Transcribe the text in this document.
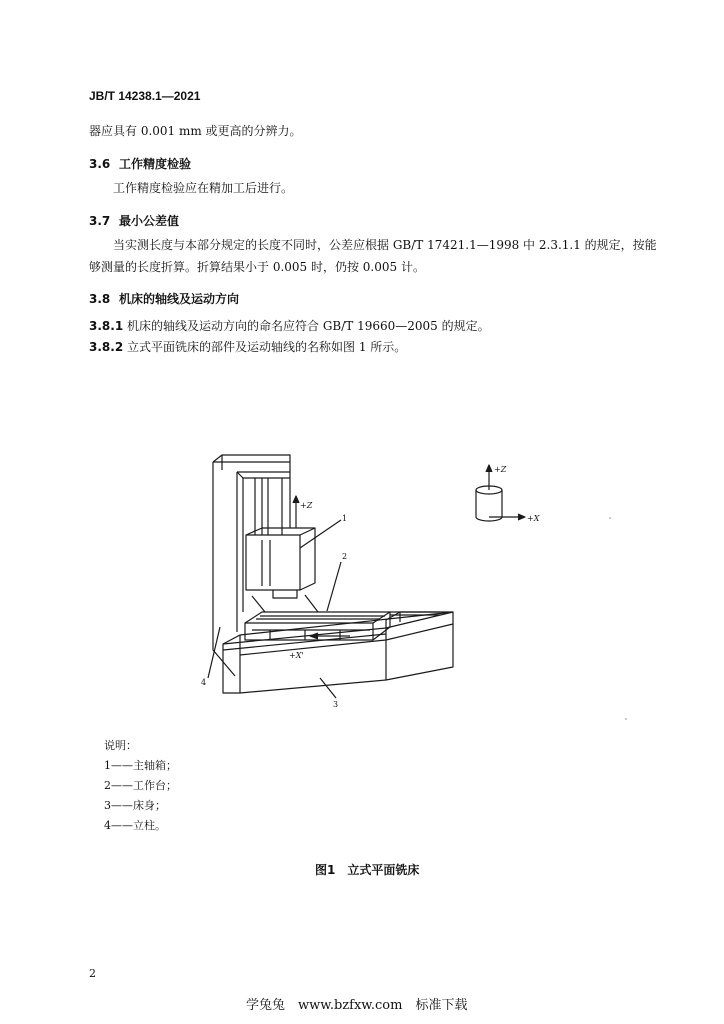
JB/T 14238.1—2021
器应具有 0.001 mm 或更高的分辨力。
3.6 工作精度检验
工作精度检验应在精加工后进行。
3.7 最小公差值
当实测长度与本部分规定的长度不同时，公差应根据 GB/T 17421.1—1998 中 2.3.1.1 的规定，按能
够测量的长度折算。折算结果小于 0.005 时，仍按 0.005 计。
3.8 机床的轴线及运动方向
3.8.1 机床的轴线及运动方向的命名应符合 GB/T 19660—2005 的规定。
3.8.2 立式平面铣床的部件及运动轴线的名称如图 1 所示。
+Z
+X
+Z
+X'
1
2
3
4
说明：
1——主轴箱；
2——工作台；
3——床身；
4——立柱。
图1　立式平面铣床
2
学兔兔　www.bzfxw.com　标准下载
